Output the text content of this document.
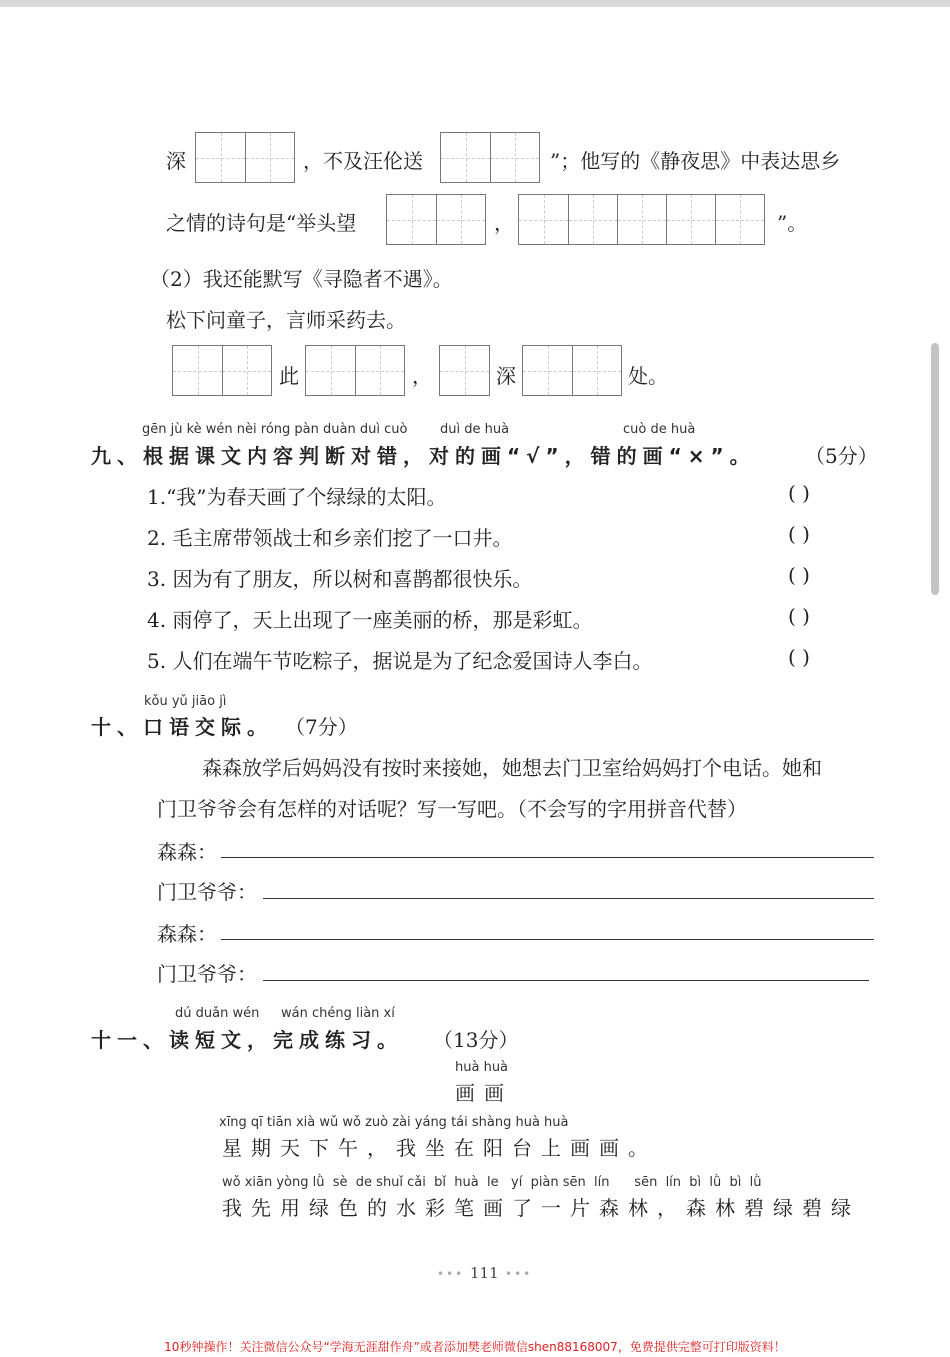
深	，不及汪伦送	”；他写的《静夜思》中表达思乡
之情的诗句是“举头望	，	”。
（2）我还能默写《寻隐者不遇》。
松下问童子，言师采药去。
此	，	深	处。
gēn jù kè wén nèi róng pàn duàn duì cuò	duì de huà	cuò de huà
九、根据课文内容判断对错，对的画“√”，错的画“×”。 （5分）
1.“我”为春天画了个绿绿的太阳。	( )
2. 毛主席带领战士和乡亲们挖了一口井。	( )
3. 因为有了朋友，所以树和喜鹊都很快乐。	( )
4. 雨停了，天上出现了一座美丽的桥，那是彩虹。	( )
5. 人们在端午节吃粽子，据说是为了纪念爱国诗人李白。	( )
kǒu yǔ jiāo jì
十、口语交际。 （7分）
森森放学后妈妈没有按时来接她，她想去门卫室给妈妈打个电话。她和
门卫爷爷会有怎样的对话呢？写一写吧。（不会写的字用拼音代替）
森森：
门卫爷爷：
森森：
门卫爷爷：
dú duǎn wén wán chéng liàn xí
十一、读短文，完成练习。 （13分）
huà huà
画画
xīng qī tiān xià wǔ wǒ zuò zài yáng tái shàng huà huà
星期天下午，我坐在阳台上画画。
wǒ xiān yòng lǜ  sè  de shuǐ cǎi  bǐ  huà  le   yí  piàn sēn  lín      sēn  lín  bì  lǜ  bì  lǜ
我先用绿色的水彩笔画了一片森林，森林碧绿碧绿
••• 111 •••
10秒钟操作！关注微信公众号“学海无涯甜作舟”或者添加樊老师微信shen88168007，免费提供完整可打印版资料！
